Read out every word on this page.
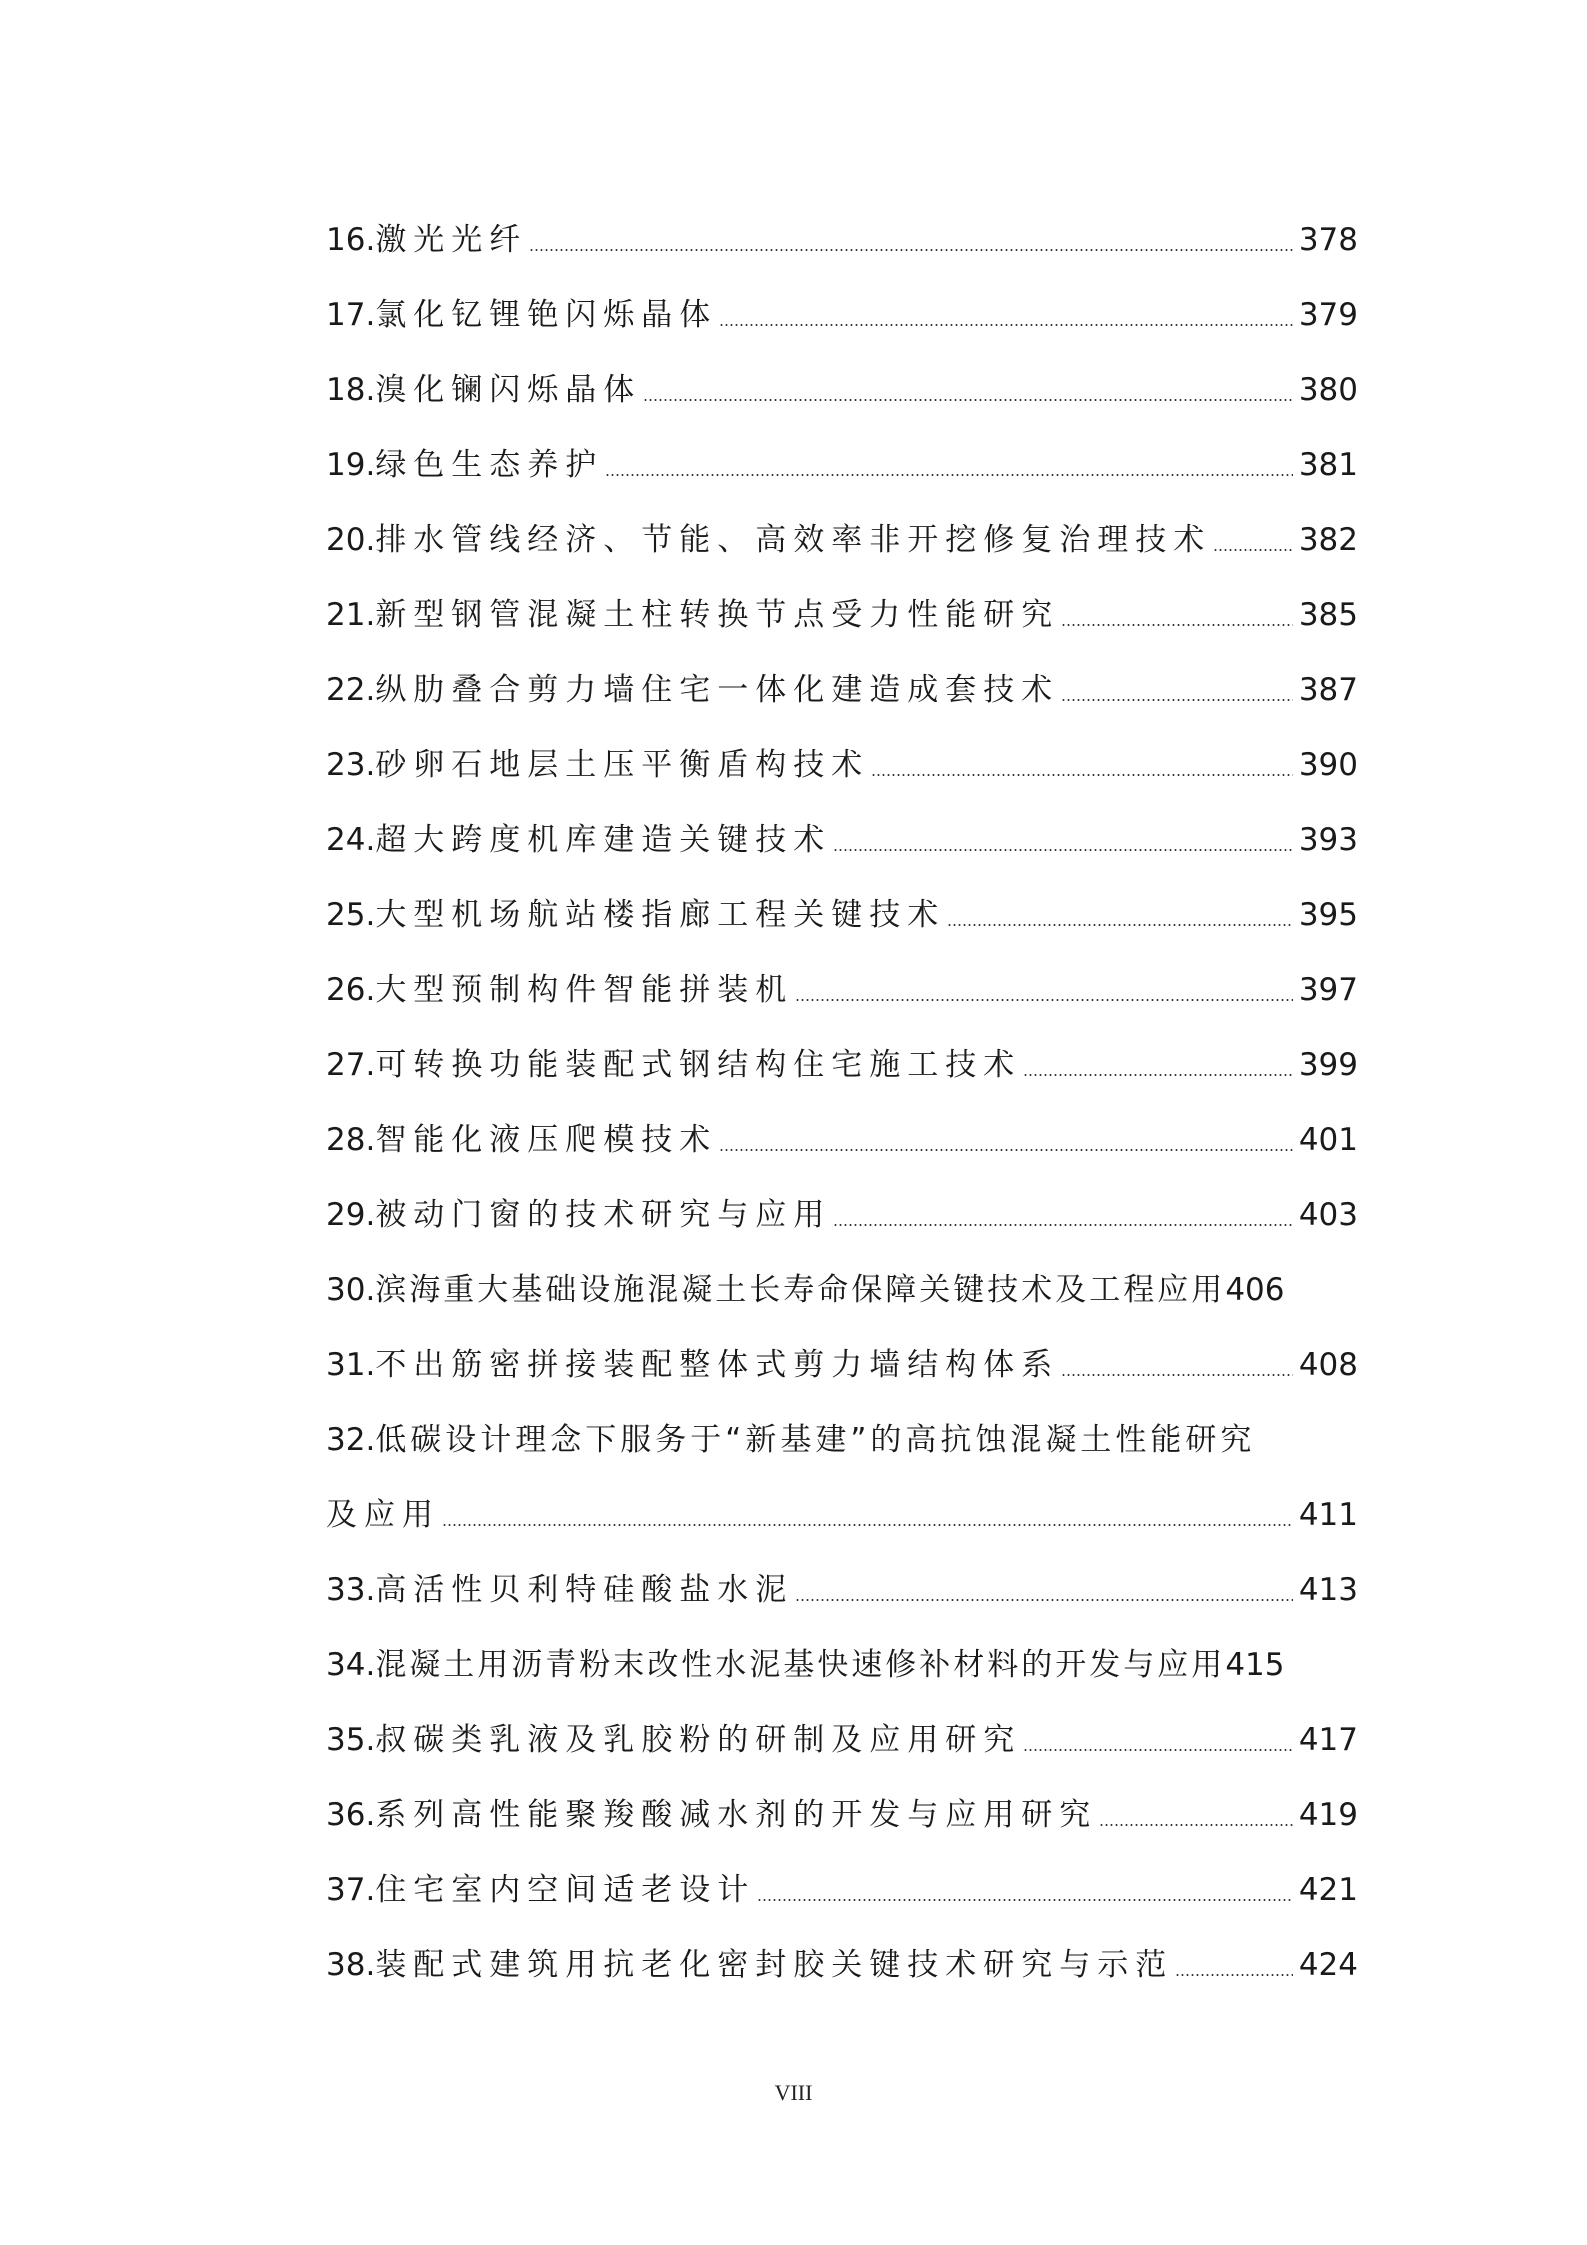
16. 激光光纤	378
17. 氯化钇锂铯闪烁晶体	379
18. 溴化镧闪烁晶体	380
19. 绿色生态养护	381
20. 排水管线经济、节能、高效率非开挖修复治理技术	382
21. 新型钢管混凝土柱转换节点受力性能研究	385
22. 纵肋叠合剪力墙住宅一体化建造成套技术	387
23. 砂卵石地层土压平衡盾构技术	390
24. 超大跨度机库建造关键技术	393
25. 大型机场航站楼指廊工程关键技术	395
26. 大型预制构件智能拼装机	397
27. 可转换功能装配式钢结构住宅施工技术	399
28. 智能化液压爬模技术	401
29. 被动门窗的技术研究与应用	403
30. 滨海重大基础设施混凝土长寿命保障关键技术及工程应用 406
31. 不出筋密拼接装配整体式剪力墙结构体系	408
32. 低碳设计理念下服务于“新基建”的高抗蚀混凝土性能研究
及应用	411
33. 高活性贝利特硅酸盐水泥	413
34. 混凝土用沥青粉末改性水泥基快速修补材料的开发与应用 415
35. 叔碳类乳液及乳胶粉的研制及应用研究	417
36. 系列高性能聚羧酸减水剂的开发与应用研究	419
37. 住宅室内空间适老设计	421
38. 装配式建筑用抗老化密封胶关键技术研究与示范	424
VIII
